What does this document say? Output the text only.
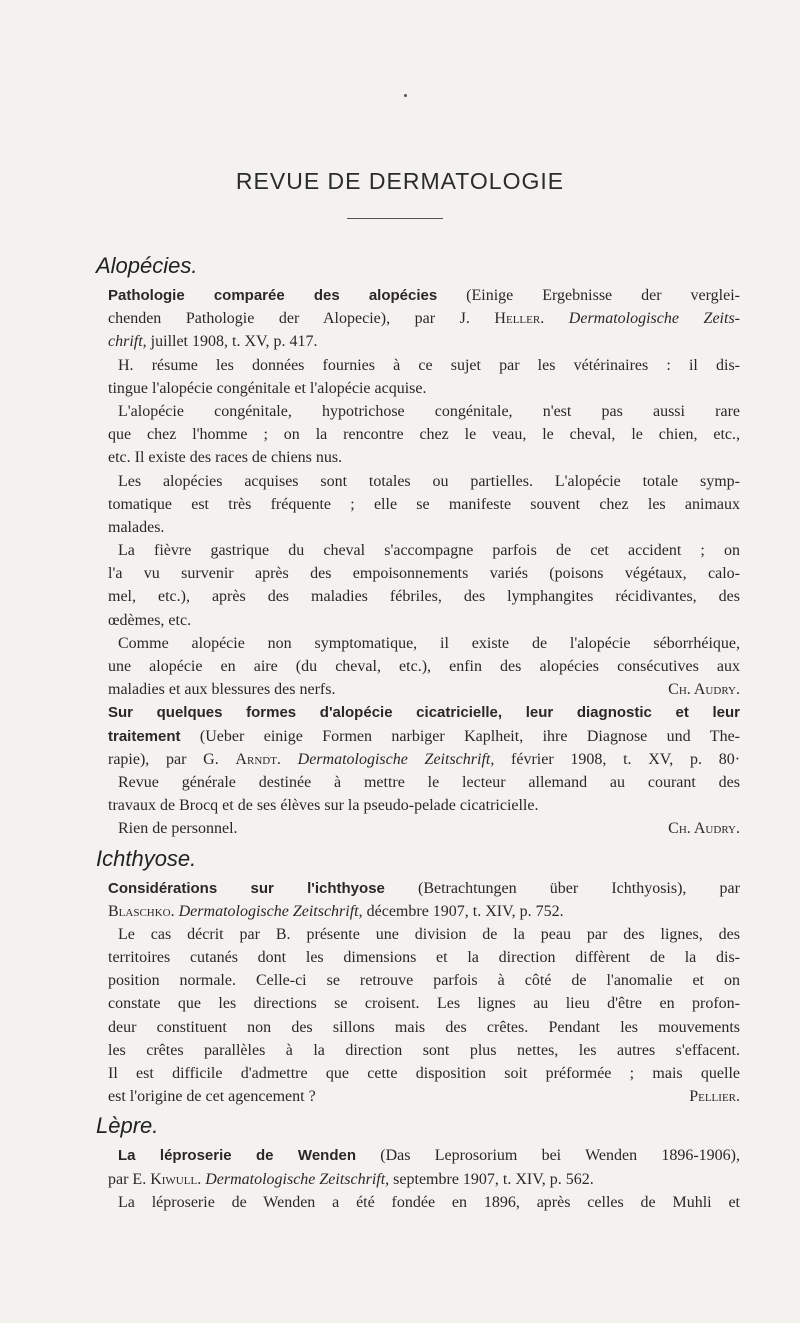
REVUE DE DERMATOLOGIE
Alopécies.
Pathologie comparée des alopécies (Einige Ergebnisse der verglei-
chenden Pathologie der Alopecie), par J. Heller. Dermatologische Zeits-
chrift, juillet 1908, t. XV, p. 417.
H. résume les données fournies à ce sujet par les vétérinaires : il dis-
tingue l'alopécie congénitale et l'alopécie acquise.
L'alopécie congénitale, hypotrichose congénitale, n'est pas aussi rare
que chez l'homme ; on la rencontre chez le veau, le cheval, le chien, etc.,
etc. Il existe des races de chiens nus.
Les alopécies acquises sont totales ou partielles. L'alopécie totale symp-
tomatique est très fréquente ; elle se manifeste souvent chez les animaux
malades.
La fièvre gastrique du cheval s'accompagne parfois de cet accident ; on
l'a vu survenir après des empoisonnements variés (poisons végétaux, calo-
mel, etc.), après des maladies fébriles, des lymphangites récidivantes, des
œdèmes, etc.
Comme alopécie non symptomatique, il existe de l'alopécie séborrhéique,
une alopécie en aire (du cheval, etc.), enfin des alopécies consécutives aux
maladies et aux blessures des nerfs.	Ch. Audry.
Sur quelques formes d'alopécie cicatricielle, leur diagnostic et leur
traitement (Ueber einige Formen narbiger Kaplheit, ihre Diagnose und The-
rapie), par G. Arndt. Dermatologische Zeitschrift, février 1908, t. XV, p. 80·
Revue générale destinée à mettre le lecteur allemand au courant des
travaux de Brocq et de ses élèves sur la pseudo-pelade cicatricielle.
Rien de personnel.	Ch. Audry.
Ichthyose.
Considérations sur l'ichthyose (Betrachtungen über Ichthyosis), par
Blaschko. Dermatologische Zeitschrift, décembre 1907, t. XIV, p. 752.
Le cas décrit par B. présente une division de la peau par des lignes, des
territoires cutanés dont les dimensions et la direction diffèrent de la dis-
position normale. Celle-ci se retrouve parfois à côté de l'anomalie et on
constate que les directions se croisent. Les lignes au lieu d'être en profon-
deur constituent non des sillons mais des crêtes. Pendant les mouvements
les crêtes parallèles à la direction sont plus nettes, les autres s'effacent.
Il est difficile d'admettre que cette disposition soit préformée ; mais quelle
est l'origine de cet agencement ?	Pellier.
Lèpre.
La léproserie de Wenden (Das Leprosorium bei Wenden 1896-1906),
par E. Kiwull. Dermatologische Zeitschrift, septembre 1907, t. XIV, p. 562.
La léproserie de Wenden a été fondée en 1896, après celles de Muhli et
